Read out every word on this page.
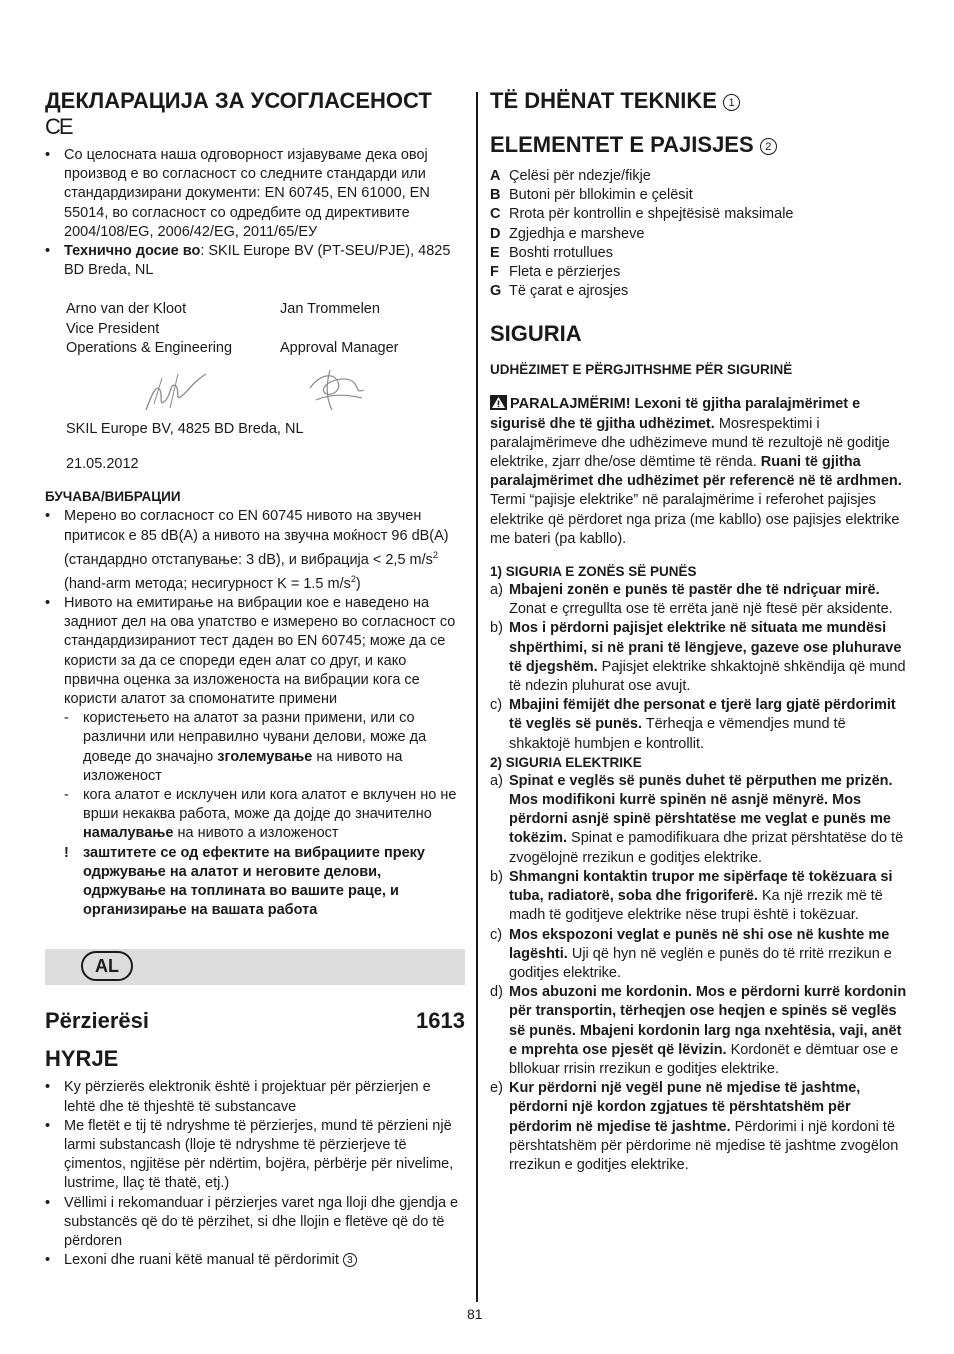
ДЕКЛАРАЦИЈА ЗА УСОГЛАСЕНОСТ
CE
• Со целосната наша одговорност изјавуваме дека овој производ е во согласност со следните стандарди или стандардизирани документи: EN 60745, EN 61000, EN 55014, во согласност со одредбите од директивите 2004/108/EG, 2006/42/EG, 2011/65/ЕУ
• Технично досие во: SKIL Europe BV (PT-SEU/PJE), 4825 BD Breda, NL
Arno van der Kloot	Jan Trommelen
Vice President
Operations & Engineering	Approval Manager

SKIL Europe BV, 4825 BD Breda, NL

21.05.2012

БУЧАВА/ВИБРАЦИИ
• Мерено во согласност со EN 60745 нивото на звучен притисок е 85 dB(A) а нивото на звучна моќност 96 dB(A) (стандардно отстапување: 3 dB), и вибрација < 2,5 $m/s^2$ (hand-arm метода; несигурност K = 1.5 $m/s^2$)
• Нивото на емитирање на вибрации кое е наведено на задниот дел на ова упатство е измерено во согласност со стандардизираниот тест даден во EN 60745; може да се користи за да се спореди еден алат со друг, и како првична оценка за изложеноста на вибрации кога се користи алатот за спомонатите примени
- користењето на алатот за разни примени, или со различни или неправилно чувани делови, може да доведе до значајно зголемување на нивото на изложеност
- кога алатот е исклучен или кога алатот е вклучен но не врши некаква работа, може да дојде до значително намалување на нивото а изложеност
! заштитете се од ефектите на вибрациите преку одржување на алатот и неговите делови, одржување на топлината во вашите раце, и организирање на вашата работа
AL
Përzierësi	1613
HYRJE
• Ky përzierës elektronik është i projektuar për përzierjen e lehtë dhe të thjeshtë të substancave
• Me fletët e tij të ndryshme të përzierjes, mund të përzieni një larmi substancash (lloje të ndryshme të përzierjeve të çimentos, ngjitëse për ndërtim, bojëra, përbërje për nivelime, lustrime, llaç të thatë, etj.)
• Vëllimi i rekomanduar i përzierjes varet nga lloji dhe gjendja e substancës që do të përzihet, si dhe llojin e fletëve që do të përdoren
• Lexoni dhe ruani këtë manual të përdorimit 3
TË DHËNAT TEKNIKE 1
ELEMENTET E PAJISJES 2
A Çelësi për ndezje/fikje
B Butoni për bllokimin e çelësit
C Rrota për kontrollin e shpejtësisë maksimale
D Zgjedhja e marsheve
E Boshti rrotullues
F Fleta e përzierjes
G Të çarat e ajrosjes
SIGURIA
UDHËZIMET E PËRGJITHSHME PËR SIGURINË

PARALAJMËRIM! Lexoni të gjitha paralajmërimet e sigurisë dhe të gjitha udhëzimet. Mosrespektimi i paralajmërimeve dhe udhëzimeve mund të rezultojë në goditje elektrike, zjarr dhe/ose dëmtime të rënda. Ruani të gjitha paralajmërimet dhe udhëzimet për referencë në të ardhmen. Termi “pajisje elektrike” në paralajmërime i referohet pajisjes elektrike që përdoret nga priza (me kabllo) ose pajisjes elektrike me bateri (pa kabllo).

1) SIGURIA E ZONËS SË PUNËS
a) Mbajeni zonën e punës të pastër dhe të ndriçuar mirë. Zonat e çrregullta ose të errëta janë një ftesë për aksidente.
b) Mos i përdorni pajisjet elektrike në situata me mundësi shpërthimi, si në prani të lëngjeve, gazeve ose pluhurave të djegshëm. Pajisjet elektrike shkaktojnë shkëndija që mund të ndezin pluhurat ose avujt.
c) Mbajini fëmijët dhe personat e tjerë larg gjatë përdorimit të veglës së punës. Tërheqja e vëmendjes mund të shkaktojë humbjen e kontrollit.
2) SIGURIA ELEKTRIKE
a) Spinat e veglës së punës duhet të përputhen me prizën. Mos modifikoni kurrë spinën në asnjë mënyrë. Mos përdorni asnjë spinë përshtatëse me veglat e punës me tokëzim. Spinat e pamodifikuara dhe prizat përshtatëse do të zvogëlojnë rrezikun e goditjes elektrike.
b) Shmangni kontaktin trupor me sipërfaqe të tokëzuara si tuba, radiatorë, soba dhe frigoriferë. Ka një rrezik më të madh të goditjeve elektrike nëse trupi është i tokëzuar.
c) Mos ekspozoni veglat e punës në shi ose në kushte me lagështi. Uji që hyn në veglën e punës do të rritë rrezikun e goditjes elektrike.
d) Mos abuzoni me kordonin. Mos e përdorni kurrë kordonin për transportin, tërheqjen ose heqjen e spinës së veglës së punës. Mbajeni kordonin larg nga nxehtësia, vaji, anët e mprehta ose pjesët që lëvizin. Kordonët e dëmtuar ose e bllokuar rrisin rrezikun e goditjes elektrike.
e) Kur përdorni një vegël pune në mjedise të jashtme, përdorni një kordon zgjatues të përshtatshëm për përdorim në mjedise të jashtme. Përdorimi i një kordoni të përshtatshëm për përdorime në mjedise të jashtme zvogëlon rrezikun e goditjes elektrike.
81
